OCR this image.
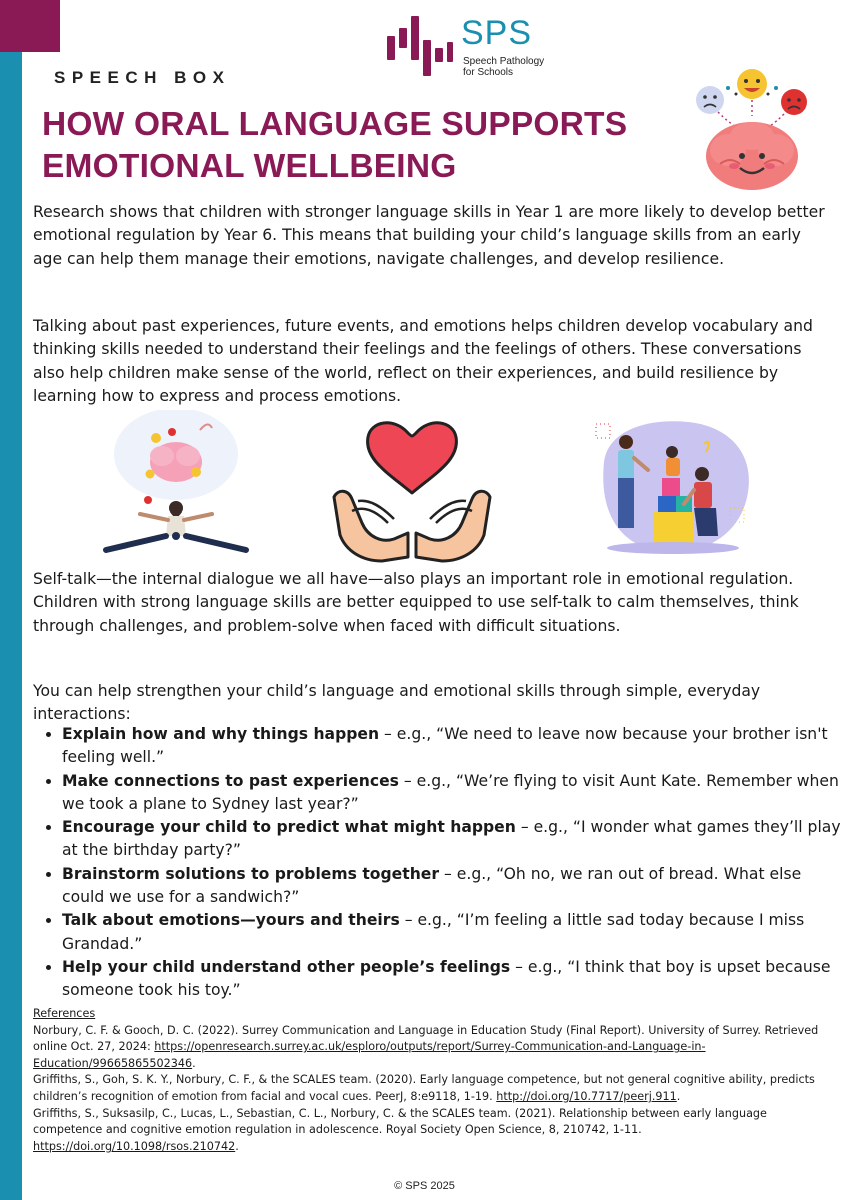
SPS
Speech Pathology
for Schools
SPEECH BOX
HOW ORAL LANGUAGE SUPPORTS
EMOTIONAL WELLBEING

Research shows that children with stronger language skills in Year 1 are more likely to develop better emotional regulation by Year 6. This means that building your child’s language skills from an early age can help them manage their emotions, navigate challenges, and develop resilience.

Talking about past experiences, future events, and emotions helps children develop vocabulary and thinking skills needed to understand their feelings and the feelings of others. These conversations also help children make sense of the world, reflect on their experiences, and build resilience by learning how to express and process emotions.

Self-talk—the internal dialogue we all have—also plays an important role in emotional regulation. Children with strong language skills are better equipped to use self-talk to calm themselves, think through challenges, and problem-solve when faced with difficult situations.

You can help strengthen your child’s language and emotional skills through simple, everyday interactions:

• Explain how and why things happen – e.g., “We need to leave now because your brother isn't feeling well.”
• Make connections to past experiences – e.g., “We’re flying to visit Aunt Kate. Remember when we took a plane to Sydney last year?”
• Encourage your child to predict what might happen – e.g., “I wonder what games they’ll play at the birthday party?”
• Brainstorm solutions to problems together – e.g., “Oh no, we ran out of bread. What else could we use for a sandwich?”
• Talk about emotions—yours and theirs – e.g., “I’m feeling a little sad today because I miss Grandad.”
• Help your child understand other people’s feelings – e.g., “I think that boy is upset because someone took his toy.”
References

Norbury, C. F. & Gooch, D. C. (2022). Surrey Communication and Language in Education Study (Final Report). University of Surrey. Retrieved online Oct. 27, 2024: https://openresearch.surrey.ac.uk/esploro/outputs/report/Surrey-Communication-and-Language-in-Education/99665865502346.

Griffiths, S., Goh, S. K. Y., Norbury, C. F., & the SCALES team. (2020). Early language competence, but not general cognitive ability, predicts children’s recognition of emotion from facial and vocal cues. PeerJ, 8:e9118, 1-19. http://doi.org/10.7717/peerj.911.

Griffiths, S., Suksasilp, C., Lucas, L., Sebastian, C. L., Norbury, C. & the SCALES team. (2021). Relationship between early language competence and cognitive emotion regulation in adolescence. Royal Society Open Science, 8, 210742, 1-11. https://doi.org/10.1098/rsos.210742.

© SPS 2025
